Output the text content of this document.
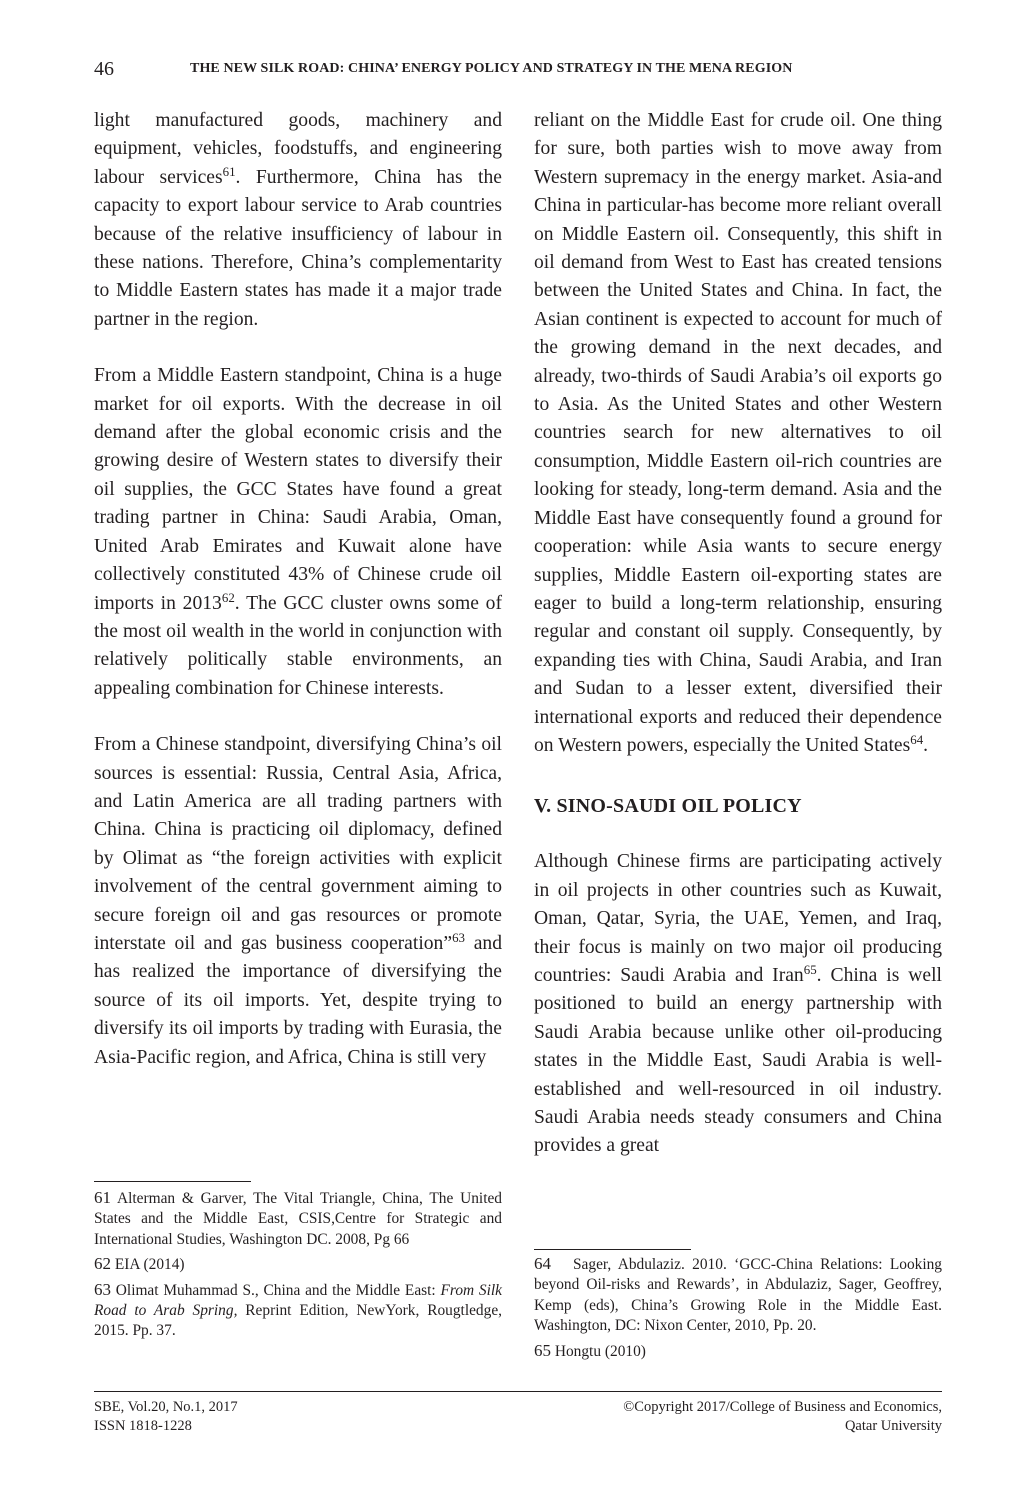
46	THE NEW SILK ROAD: CHINA’ ENERGY POLICY AND STRATEGY IN THE MENA REGION

light manufactured goods, machinery and equipment, vehicles, foodstuffs, and engineering labour services$^{61}$. Furthermore, China has the capacity to export labour service to Arab countries because of the relative insufficiency of labour in these nations. Therefore, China’s complementarity to Middle Eastern states has made it a major trade partner in the region.

From a Middle Eastern standpoint, China is a huge market for oil exports. With the decrease in oil demand after the global economic crisis and the growing desire of Western states to diversify their oil supplies, the GCC States have found a great trading partner in China: Saudi Arabia, Oman, United Arab Emirates and Kuwait alone have collectively constituted 43% of Chinese crude oil imports in 2013$^{62}$. The GCC cluster owns some of the most oil wealth in the world in conjunction with relatively politically stable environments, an appealing combination for Chinese interests.

From a Chinese standpoint, diversifying China’s oil sources is essential: Russia, Central Asia, Africa, and Latin America are all trading partners with China. China is practicing oil diplomacy, defined by Olimat as “the foreign activities with explicit involvement of the central government aiming to secure foreign oil and gas resources or promote interstate oil and gas business cooperation”$^{63}$ and has realized the importance of diversifying the source of its oil imports. Yet, despite trying to diversify its oil imports by trading with Eurasia, the Asia-Pacific region, and Africa, China is still very

reliant on the Middle East for crude oil. One thing for sure, both parties wish to move away from Western supremacy in the energy market. Asia-and China in particular-has become more reliant overall on Middle Eastern oil. Consequently, this shift in oil demand from West to East has created tensions between the United States and China. In fact, the Asian continent is expected to account for much of the growing demand in the next decades, and already, two-thirds of Saudi Arabia’s oil exports go to Asia. As the United States and other Western countries search for new alternatives to oil consumption, Middle Eastern oil-rich countries are looking for steady, long-term demand. Asia and the Middle East have consequently found a ground for cooperation: while Asia wants to secure energy supplies, Middle Eastern oil-exporting states are eager to build a long-term relationship, ensuring regular and constant oil supply. Consequently, by expanding ties with China, Saudi Arabia, and Iran and Sudan to a lesser extent, diversified their international exports and reduced their dependence on Western powers, especially the United States$^{64}$.

V. SINO-SAUDI OIL POLICY

Although Chinese firms are participating actively in oil projects in other countries such as Kuwait, Oman, Qatar, Syria, the UAE, Yemen, and Iraq, their focus is mainly on two major oil producing countries: Saudi Arabia and Iran$^{65}$. China is well positioned to build an energy partnership with Saudi Arabia because unlike other oil-producing states in the Middle East, Saudi Arabia is well-established and well-resourced in oil industry. Saudi Arabia needs steady consumers and China provides a great

61 Alterman & Garver, The Vital Triangle, China, The United States and the Middle East, CSIS,Centre for Strategic and International Studies, Washington DC. 2008, Pg 66

62 EIA (2014)

63 Olimat Muhammad S., China and the Middle East: From Silk Road to Arab Spring, Reprint Edition, NewYork, Rougtledge, 2015. Pp. 37.

64 Sager, Abdulaziz. 2010. ‘GCC-China Relations: Looking beyond Oil-risks and Rewards’, in Abdulaziz, Sager, Geoffrey, Kemp (eds), China’s Growing Role in the Middle East. Washington, DC: Nixon Center, 2010, Pp. 20.

65 Hongtu (2010)

SBE, Vol.20, No.1, 2017
ISSN 1818-1228
©Copyright 2017/College of Business and Economics,
Qatar University
